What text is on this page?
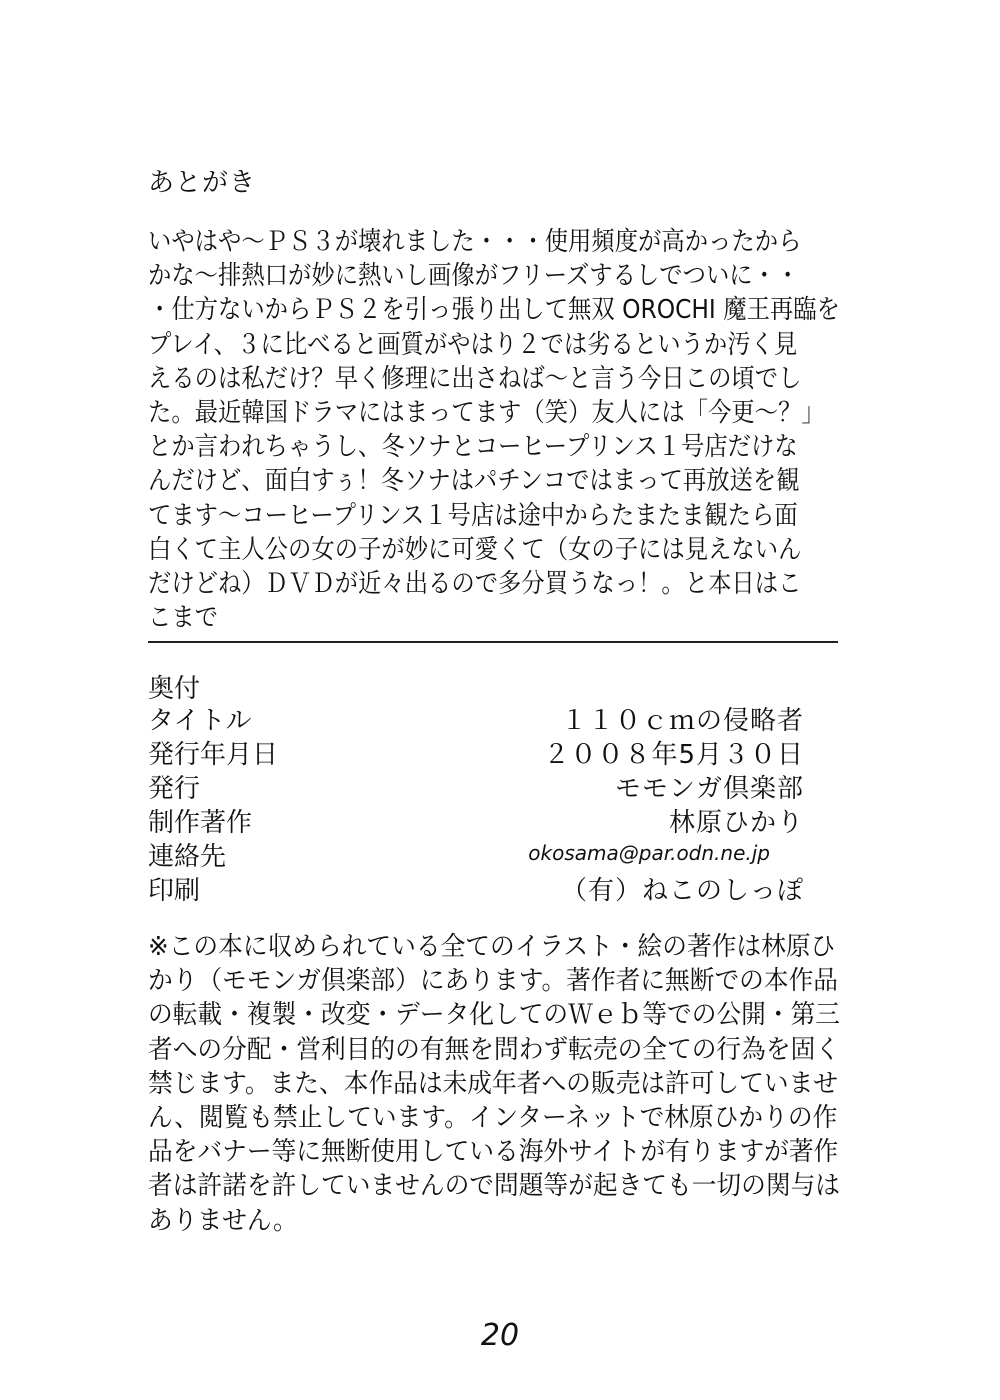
あとがき
いやはや～ＰＳ３が壊れました・・・使用頻度が高かったから
かな～排熱口が妙に熱いし画像がフリーズするしでついに・・
・仕方ないからＰＳ２を引っ張り出して無双 OROCHI 魔王再臨を
プレイ、３に比べると画質がやはり２では劣るというか汚く見
えるのは私だけ？早く修理に出さねば～と言う今日この頃でし
た。最近韓国ドラマにはまってます（笑）友人には「今更～？」
とか言われちゃうし、冬ソナとコーヒープリンス１号店だけな
んだけど、面白すぅ！冬ソナはパチンコではまって再放送を観
てます～コーヒープリンス１号店は途中からたまたま観たら面
白くて主人公の女の子が妙に可愛くて（女の子には見えないん
だけどね）ＤＶＤが近々出るので多分買うなっ！。と本日はこ
こまで
奥付
タイトル	１１０ｃｍの侵略者
発行年月日	２００８年5月３０日
発行	モモンガ倶楽部
制作著作	林原ひかり
連絡先	okosama@par.odn.ne.jp
印刷	（有）ねこのしっぽ
※この本に収められている全てのイラスト・絵の著作は林原ひ
かり（モモンガ倶楽部）にあります。著作者に無断での本作品
の転載・複製・改変・データ化してのＷｅｂ等での公開・第三
者への分配・営利目的の有無を問わず転売の全ての行為を固く
禁じます。また、本作品は未成年者への販売は許可していませ
ん、閲覧も禁止しています。インターネットで林原ひかりの作
品をバナー等に無断使用している海外サイトが有りますが著作
者は許諾を許していませんので問題等が起きても一切の関与は
ありません。
20
